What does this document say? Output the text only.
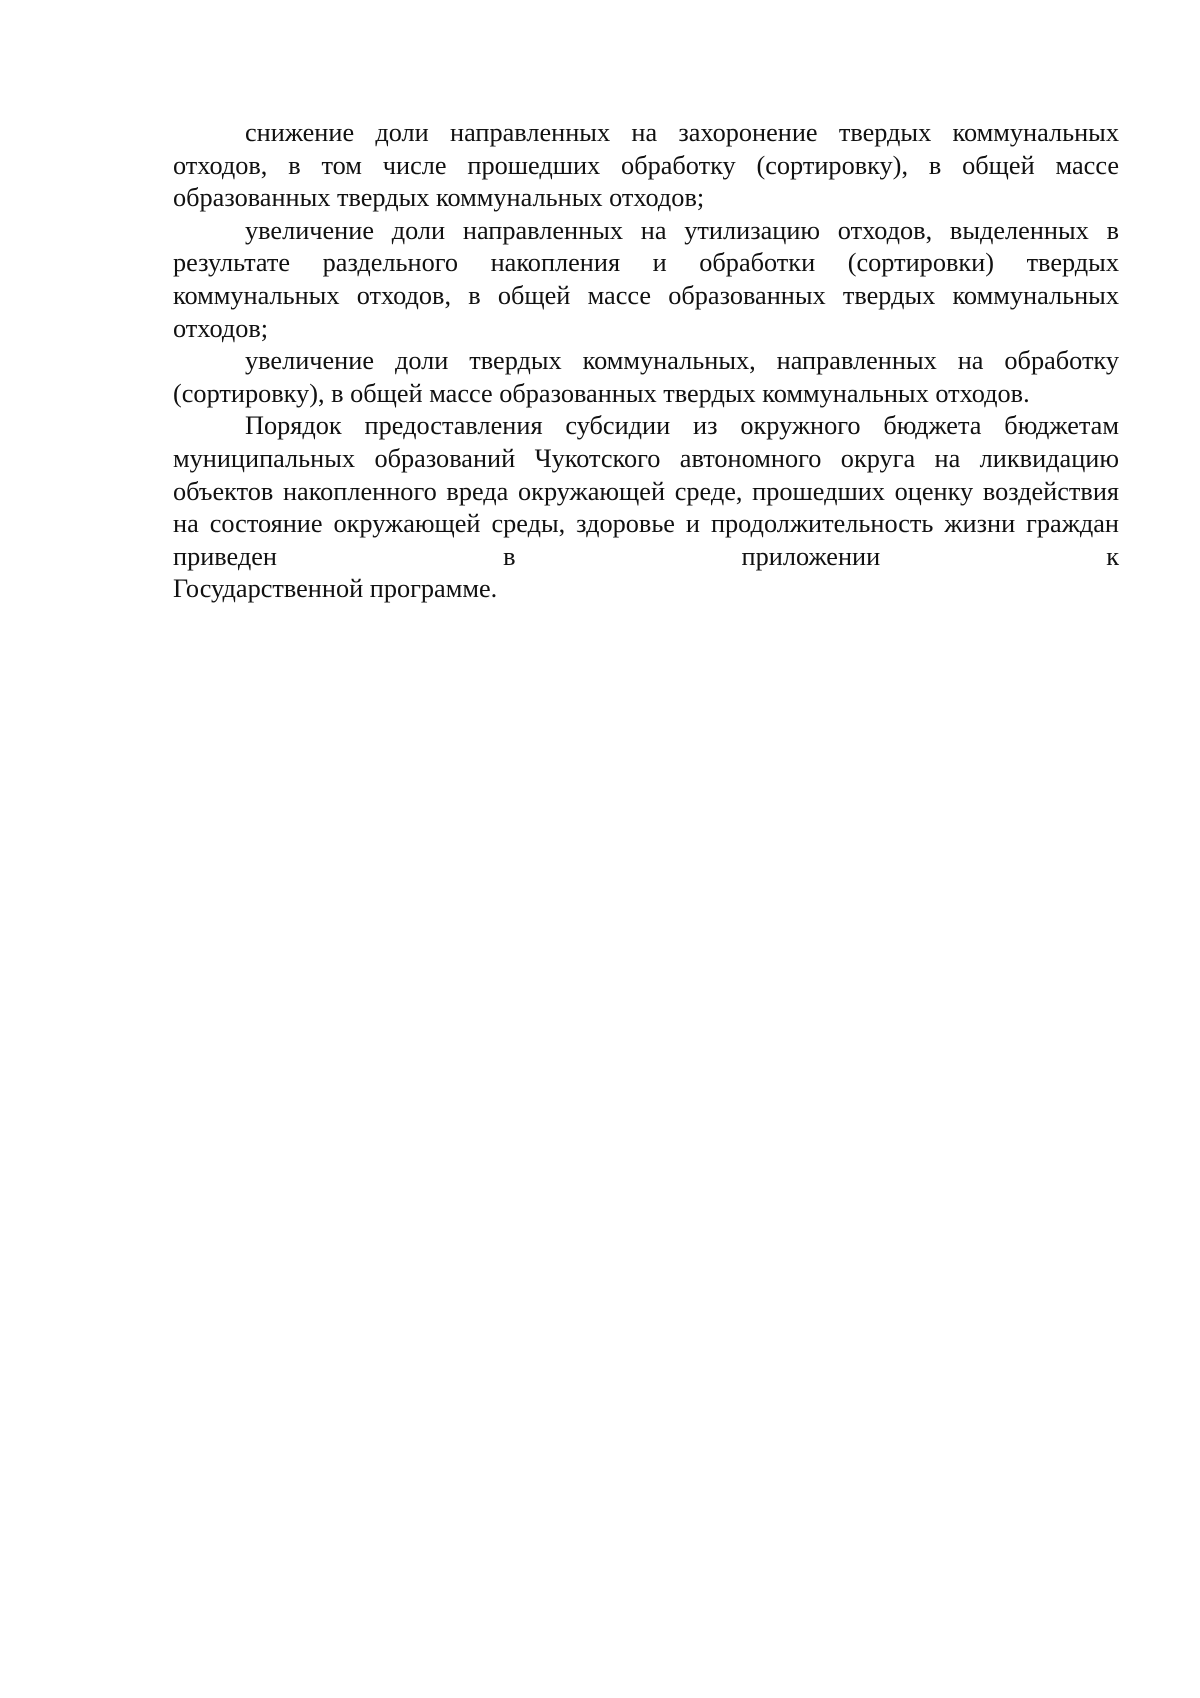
снижение доли направленных на захоронение твердых коммунальных отходов, в том числе прошедших обработку (сортировку), в общей массе образованных твердых коммунальных отходов;

увеличение доли направленных на утилизацию отходов, выделенных в результате раздельного накопления и обработки (сортировки) твердых коммунальных отходов, в общей массе образованных твердых коммунальных отходов;

увеличение доли твердых коммунальных, направленных на обработку (сортировку), в общей массе образованных твердых коммунальных отходов.

Порядок предоставления субсидии из окружного бюджета бюджетам муниципальных образований Чукотского автономного округа на ликвидацию объектов накопленного вреда окружающей среде, прошедших оценку воздействия на состояние окружающей среды, здоровье и продолжительность жизни граждан приведен в приложении к

Государственной программе.
